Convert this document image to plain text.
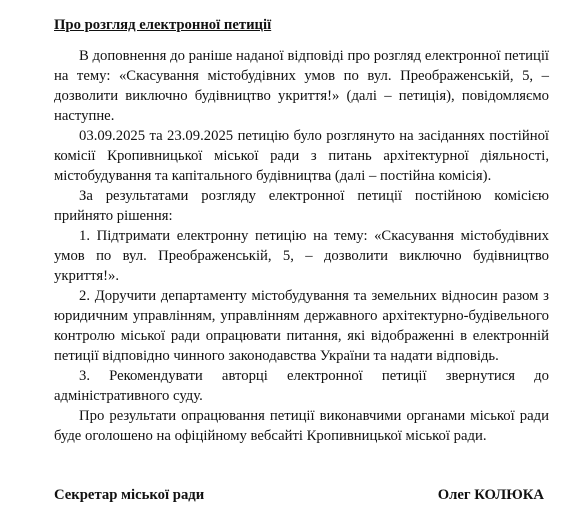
Про розгляд електронної петиції
В доповнення до раніше наданої відповіді про розгляд електронної петиції
на тему: «Скасування містобудівних умов по вул. Преображенській, 5, –
дозволити виключно будівництво укриття!» (далі – петиція), повідомляємо
наступне.
03.09.2025 та 23.09.2025 петицію було розглянуто на засіданнях постійної
комісії Кропивницької міської ради з питань архітектурної діяльності,
містобудування та капітального будівництва (далі – постійна комісія).
За результатами розгляду електронної петиції постійною комісією
прийнято рішення:
1. Підтримати електронну петицію на тему: «Скасування містобудівних
умов по вул. Преображенській, 5, – дозволити виключно будівництво
укриття!».
2. Доручити департаменту містобудування та земельних відносин разом з
юридичним управлінням, управлінням державного архітектурно-будівельного
контролю міської ради опрацювати питання, які відображенні в електронній
петиції відповідно чинного законодавства України та надати відповідь.
3. Рекомендувати авторці електронної петиції звернутися до
адміністративного суду.
Про результати опрацювання петиції виконавчими органами міської ради
буде оголошено на офіційному вебсайті Кропивницької міської ради.
Секретар міської ради	Олег КОЛЮКА
